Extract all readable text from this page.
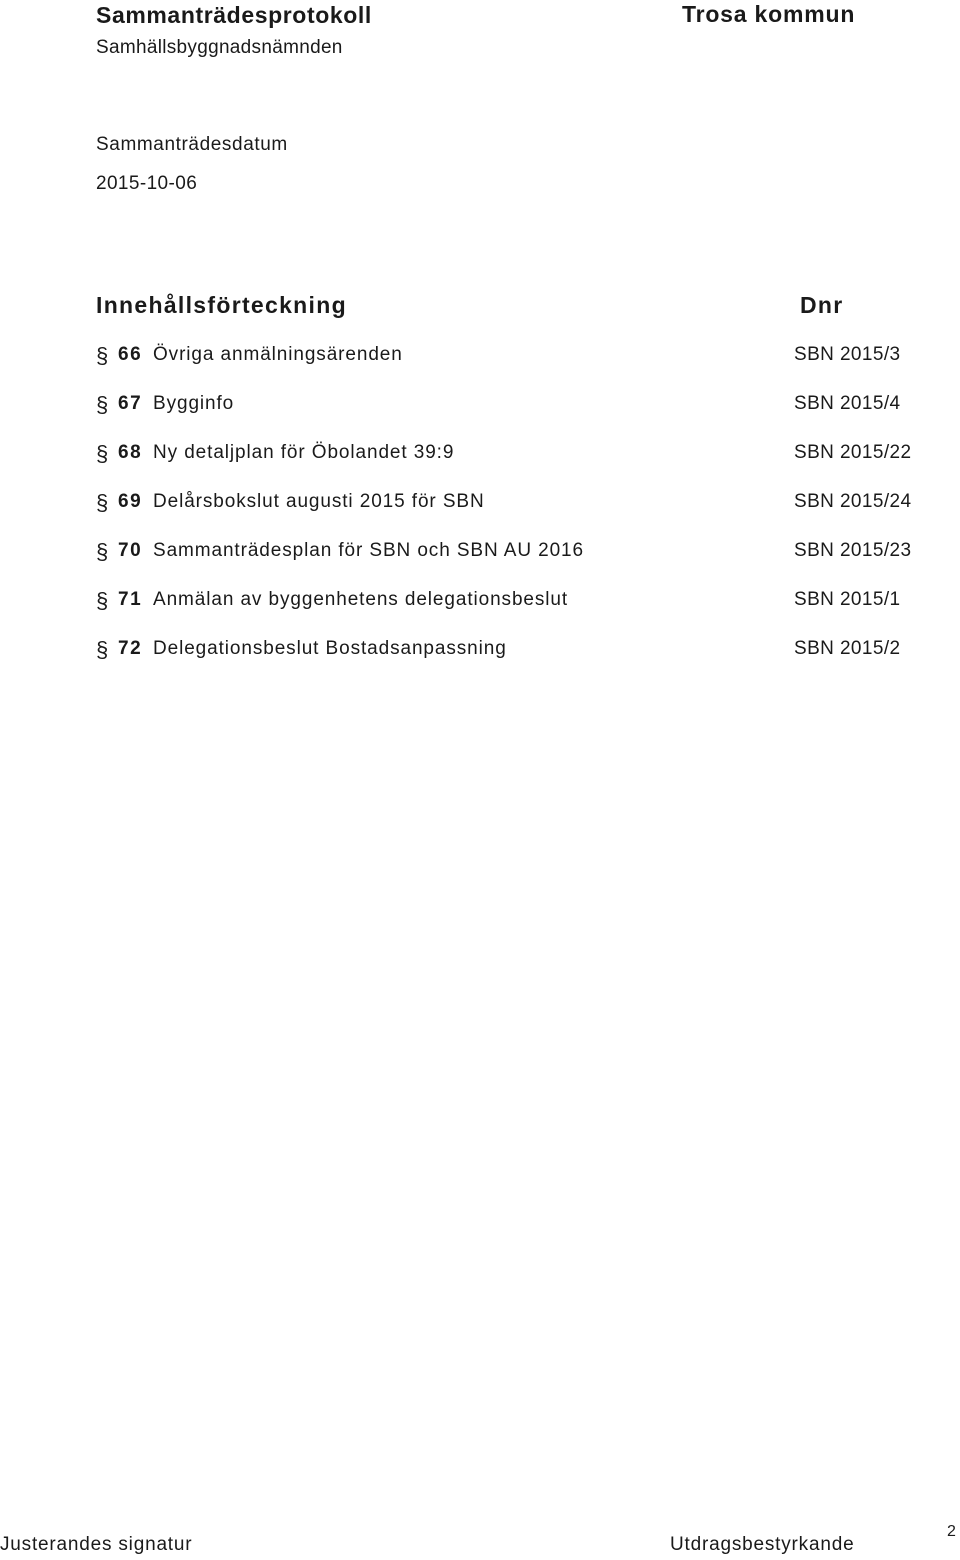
Sammanträdesprotokoll
Samhällsbyggnadsnämnden
Trosa kommun
Sammanträdesdatum
2015-10-06
Innehållsförteckning	Dnr
§ 66 Övriga anmälningsärenden	SBN 2015/3
§ 67 Bygginfo	SBN 2015/4
§ 68 Ny detaljplan för Öbolandet 39:9	SBN 2015/22
§ 69 Delårsbokslut augusti 2015 för SBN	SBN 2015/24
§ 70 Sammanträdesplan för SBN och SBN AU 2016	SBN 2015/23
§ 71 Anmälan av byggenhetens delegationsbeslut	SBN 2015/1
§ 72 Delegationsbeslut Bostadsanpassning	SBN 2015/2
Justerandes signatur	Utdragsbestyrkande
2
